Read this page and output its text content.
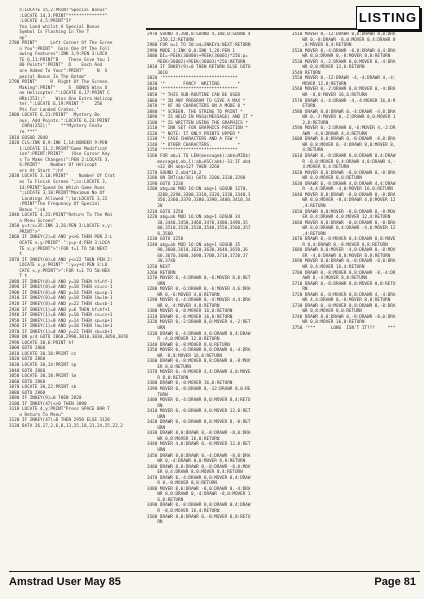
LISTING
5:LOCATE 15,2:PRINT"Special Bonus"
:LOCATE 14,3:PRINT"**************"
:LOCATE 4,5:PRINT"If
You Land whilst A Special Bonus
Symbol Is Flashing In The T
op"
2780 PRINT"     Left Corner Of The Scree
n You":PRINT"  Gain One Of The Foll
owing Features":INK 3,9:PEN 3:LOCA
TE 6,11:PRINT"B    These Give You 1
00 Points":PRINT"  D    Each And
are Added To Your":PRINT"     N  S
pecial Bonus In The Botom"
2790 PRINT"     R  Right Of The Screen.
Making":PRINT"     S  BONUS Wins O
ne Helicopter.":LOCATE 6,17:PRINT C
HR$(253);"    Wins One Extra Helicop
ter.":LOCATE 6,19:PRINT "    250
Pts For Landed Crates."
2800 LOCATE 6,21:PRINT"  Mystery Bo
nus, Add Points.":LOCATE 6,23:PRINT
CHR$(252);"    ***Mystery Featu
re ***"
2810 GOSUB 2840
2820 CLS:INK 0,9:INK 1,14:BORDER 9:PEN
1:LOCATE 11,2:PRINT"Game Modificat
ion":PRINT:PRINT"   (Use Cursor Key
s To Make Changes)":PEN 2:LOCATE 3,
6:PRINT"    Number Of Helicopt
ers At Start ";hf
2830 LOCATE 3,10:PRINT"    Number Of Crat
es To Finish Screen ";cs:LOCATE 3,
14:PRINT"Speed On Which Game Runs
";LOCATE 3,18:PRINT"Maximum No Of
Landings Allowed ";lm:LOCATE 3,22
:PRINT"The Frequency Of Special
Bonus ";sb
2840 LOCATE 4,23:PRINT"Return To The Mai
n Menu Screen"
2850 y=t:x=35:INK 3,26:PEN 3:LOCATE x,y:
PRINT">"
2860 IF INKEY(2)=0 AND y<>6 THEN PEN 2:L
OCATE x,y:PRINT" ":y=y-4:PEN 3:LOCA
TE x,y:PRINT">":FOR t=1 TO 50:NEXT
t
2870 IF INKEY(0)=0 AND y<>22 THEN PEN 2:
LOCATE x,y:PRINT" ":y=y+4:PEN 3:LO
CATE x,y:PRINT">":FOR t=1 TO 50:NEX
T t
2880 IF INKEY(8)=0 AND y=10 THEN hf=hf-1
2890 IF INKEY(8)=0 AND y=10 THEN cs=cs-1
2900 IF INKEY(8)=0 AND y=14 THEN sp=sp-1
2910 IF INKEY(8)=0 AND y=18 THEN lm=lm-1
2920 IF INKEY(8)=0 AND y=22 THEN sb=sb-1
2930 IF INKEY(1)=0 AND y=6 THEN hf=hf+1
2940 IF INKEY(1)=0 AND y=10 THEN cs=cs+1
2950 IF INKEY(1)=0 AND y=14 THEN sp=sp+1
2960 IF INKEY(1)=0 AND y=18 THEN lm=lm+1
2970 IF INKEY(1)=0 AND y=22 THEN sb=sb+1
2980 ON y/4 GOTO 2860,2990,3010,3030,3050,3070
2990 LOCATE 30,6:PRINT hf
3000 GOTO 2860
3010 LOCATE 30,10:PRINT cs
3020 GOTO 2860
3030 LOCATE 30,14:PRINT sp
3040 GOTO 2860
3050 LOCATE 30,18:PRINT lm
3060 GOTO 2860
3070 LOCATE 30,22:PRINT sb
3080 GOTO 2860
3090 IF INKEY(9)=0 THEN 2820
3100 IF INKEY(47)<>0 THEN 3090
3110 LOCATE 4,y:PRINT"Press SPACE BAR T
o Return To Menu"
3120 IF INKEY(47)=0 THEN 2950 ELSE 3120
3130 DATA 26,17,2,6,8,13,15,18,21,24,25,22,2
2970 SOUND 4,200,0:SOUND 4,100,0:SOUND 4
,250,12:RETURN
2980 FOR a=1 TO 50:a$=INKEY$:NEXT:RETURN
2990 MODE 1:INK 0,0:INK 1,26:PEN 1
3000 DI=-PEEK(36000)+PEEK(36001)*256:p=
PEEK(36002)+PEEK(36003)*256:RETURN
3010 IF INKEY(9)=0 THEN RETURN ELSE GOTO
3010
3020 '*****************************
3030 '*       FANCY  WRITING       *
3040 '*****************************
3050 '* THIS SUB-ROUTINE CAN BE USED
3060 '* IN ANY PROGRAM TO GIVE A MAX *
3070 '* OF 40 CHARACTERS ON A MODE 0 *
3080 '* SCREEN. THE STRING TO PRINT *
3090 '* IS HELD IN MSG$(MESSAGE) AND IT *
3100 '* IS WRITTEN USING THE GRAPHICS *
3110 '* INK SET FOR GRAPHICS POSITION *
3120 '* NOTE: IT ONLY PRINTS UPPER *
3130 '* CASE CHARACTERS AND A FEW *
3140 '* OTHER CHARACTERS.          *
3150 '*****************************
3160 FOR ab=1 TO LEN(message$):ab$=MID$(
message$,ab,1):ab=ASC(ab$)-31:IF ab$
<32 OR ab$>127 THEN 3260
3170 SOUND 2,ab$*10,2
3180 ON INT(ab/16) GOTO 3200,3330,3280
3190 GOTO 3230
3200 abg=ab MOD 16:ON abg+1 GOSUB 3270,
3280,3290,3300,3310,3320,3330,3340,3
350,3360,3370,3380,3390,3400,3410,34
20
3210 GOTO 3250
3220 abg=ab MOD 16:ON abg+1 GOSUB 34
30,3440,3450,3460,3470,3480,3490,35
00,3510,3520,3530,3540,3550,3560,357
0,3580
3230 GOTO 3250
3240 abg=ab MOD 16:ON abg+1 GOSUB 35
90,3600,3610,3620,3630,3640,3650,36
60,3670,3680,3690,3700,3710,3720,37
30,3740
3250 NEXT
3260 RETURN
3270 MOVER 0,-4:DRAWR 0,-6:MOVER 8,0:RET
URN
3280 MOVER 0,-6:DRAWR 0,-6:MOVER 4,6:DRA
WR 0,-6:MOVER 4,0:RETURN
3290 MOVER 0,-4:DRAWR 0,-4:MOVER 4,4:DRA
WR 0,-4:MOVER 4,0:RETURN
3300 MOVER 0,-8:MOVER 16,0:RETURN
3310 DRAWR 0,-8:MOVER 16,0:RETURN
3320 MOVER 0,-2:DRAWR 8,0:MOVER 4,-2:RET
URN
3330 DRAWR 0,-4:DRAWR 4,0:DRAWR 0,4:DRAW
R -4,0:MOVER 12,0:RETURN
3340 DRAWR 0,-8:MOVER 8,0:RETURN
3350 MOVER 0,-6:DRAWR 8,0:DRAWR 0,-4:DRA
WR -8,0:MOVER 16,0:RETURN
3360 DRAWR 0,-8:MOVER 8,8:DRAWR 0,-8:MOV
ER 8,0:RETURN
3370 MOVER 0,-8:MOVER 4,4:DRAWR 4,0:MOVE
R 8,0:RETURN
3380 DRAWR 0,-8:MOVER 16,0:RETURN
3390 MOVER 0,-8:DRAWR 0,-12:DRAWR 8,0:RE
TURN
3400 MOVER 0,-4:DRAWR 8,0:MOVER 8,4:RETU
RN
3410 MOVER 0,-8:DRAWR 4,0:MOVER 12,8:RET
URN
3420 DRAWR 0,-8:DRAWR 8,8:MOVER 8,-8:RET
URN
3430 DRAWR 8,0:DRAWR 0,-8:DRAWR -8,0:DRA
WR 0,8:MOVER 16,0:RETURN
3440 MOVER 4,0:DRAWR 0,-8:MOVER 12,8:RET
URN
3450 DRAWR 8,0:DRAWR 0,-4:DRAWR -8,0:DRA
WR 0,-4:DRAWR 8,0:MOVER 8,8:RETURN
3460 DRAWR 8,0:DRAWR 0,-8:DRAWR -8,0:MOV
ER 0,4:DRAWR 8,0:MOVER 8,4:RETURN
3470 DRAWR 0,-4:DRAWR 8,0:MOVER 0,4:DRAW
R 0,-8:MOVER 8,8:RETURN
3480 MOVER 8,0:DRAWR -8,0:DRAWR 0,-4:DRA
WR 8,0:DRAWR 0,-4:DRAWR -8,0:MOVER 1
6,8:RETURN
3490 DRAWR 0,-8:DRAWR 8,0:DRAWR 0,4:DRAW
R -8,0:MOVER 16,4:RETURN
3500 DRAWR 8,0:DRAWR 0,-8:MOVER 8,8:RETU
RN
3510 MOVER 0,-12:DRAWR 0,8:DRAWR 8,0:DRA
WR 0,-8:DRAWR -8,0:MOVER 0,4:DRAWR 8
,0:MOVER 8,4:RETURN
3520 MOVER 8,-4:DRAWR -8,0:DRAWR 0,4:DRA
WR 8,0:DRAWR 0,-8:MOVER 8,8:RETURN
3530 MOVER 4,-2:DRAWR 0,0:MOVER 0,-4:DRA
WR 0,0:MOVER 12,6:RETURN
3540 RETURN
3550 MOVER 0,-12:DRAWR -4,-4:DRAWR 4,-4:
MOVER 12,8:RETURN
3560 MOVER 0,-2:DRAWR 8,0:MOVER 0,-4:DRA
WR -8,0:MOVER 16,6:RETURN
3570 DRAWR 4,-4:DRAWR -4,-4:MOVER 16,8:R
ETURN
3580 DRAWR 8,0:DRAWR 0,-4:DRAWR -4,0:DRA
WR 0,-2:MOVER 0,-2:DRAWR 0,0:MOVER 1
2,8:RETURN
3590 MOVER 0,-2:DRAWR 0,-6:MOVER 4,-2:DR
AWR -4,0:DRAWR 4,4:RETURN
3600 DRAWR 8,0:DRAWR 0,-8:DRAWR -8,0:DRA
WR 0,8:MOVER 0,-4:DRAWR 8,0:MOVER 8,
4:RETURN
3610 DRAWR 0,-8:DRAWR 8,0:DRAWR 0,4:DRAW
R -8,0:MOVER 0,4:DRAWR 4,0:DRAWR 4,-
4:MOVER 8,4:RETURN
3620 MOVER 8,0:DRAWR -8,0:DRAWR 0,-8:DRA
WR 8,0:MOVER 8,8:RETURN
3630 DRAWR 0,-8:DRAWR 4,0:DRAWR 4,4:DRAW
R -4,4:DRAWR -4,0:MOVER 16,0:RETURN
3640 MOVER 8,0:DRAWR -8,0:DRAWR 0,-8:DRA
WR 8,0:MOVER -8,4:DRAWR 4,0:MOVER 12
,4:RETURN
3650 DRAWR 8,0:MOVER -8,0:DRAWR 0,-8:MOV
ER 0,4:DRAWR 4,0:MOVER 12,4:RETURN
3660 MOVER 8,0:DRAWR -8,0:DRAWR 0,-8:DRA
WR 8,0:DRAWR 0,4:DRAWR -4,0:MOVER 12
,4:RETURN
3670 DRAWR 0,-8:MOVER 0,4:DRAWR 8,0:MOVE
R 0,4:DRAWR 0,-8:MOVER 8,8:RETURN
3680 DRAWR 8,0:MOVER -4,0:DRAWR 0,-8:MOV
ER -4,0:DRAWR 8,0:MOVER 8,8:RETURN
3690 MOVER 8,0:DRAWR 0,-8:DRAWR -8,0:DRA
WR 0,4:MOVER 16,4:RETURN
3700 DRAWR 0,-8:MOVER 8,8:DRAWR -8,-4:DR
AWR 8,-4:MOVER 8,8:RETURN
3710 DRAWR 0,-8:DRAWR 8,0:MOVER 8,8:RETU
RN
3720 DRAWR 0,-8:MOVER 0,8:DRAWR 4,-4:DRA
WR 4,4:DRAWR 0,-8:MOVER 8,8:RETURN
3730 DRAWR 0,-8:MOVER 0,8:DRAWR 8,-8:DRA
WR 0,8:MOVER 8,0:RETURN
3740 DRAWR 8,0:DRAWR 0,-8:DRAWR -8,0:DRA
WR 0,8:MOVER 16,0:RETURN
3750 '***      LONG  ISN'T IT???     ***
Amstrad User May 85	Page 81
